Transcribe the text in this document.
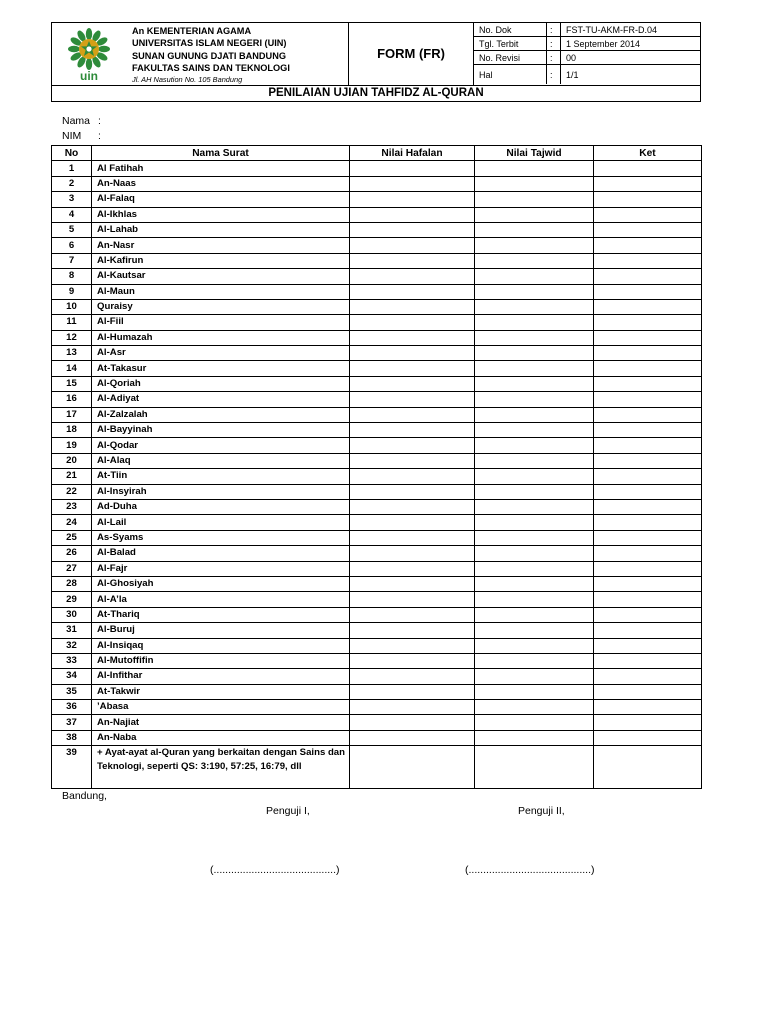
uin
An KEMENTERIAN AGAMA
UNIVERSITAS ISLAM NEGERI (UIN)
SUNAN GUNUNG DJATI BANDUNG
FAKULTAS SAINS DAN TEKNOLOGI
Jl. AH Nasution No. 105 Bandung
FORM (FR)
No. Dok	:	FST-TU-AKM-FR-D.04
Tgl. Terbit	:	1 September 2014
No. Revisi	:	00
Hal	:	1/1
PENILAIAN UJIAN TAHFIDZ AL-QURAN
Nama :
NIM :
No	Nama Surat	Nilai Hafalan	Nilai Tajwid	Ket
1	Al Fatihah			
2	An-Naas			
3	Al-Falaq			
4	Al-Ikhlas			
5	Al-Lahab			
6	An-Nasr			
7	Al-Kafirun			
8	Al-Kautsar			
9	Al-Maun			
10	Quraisy			
11	Al-Fiil			
12	Al-Humazah			
13	Al-Asr			
14	At-Takasur			
15	Al-Qoriah			
16	Al-Adiyat			
17	Al-Zalzalah			
18	Al-Bayyinah			
19	Al-Qodar			
20	Al-Alaq			
21	At-Tiin			
22	Al-Insyirah			
23	Ad-Duha			
24	Al-Lail			
25	As-Syams			
26	Al-Balad			
27	Al-Fajr			
28	Al-Ghosiyah			
29	Al-A’la			
30	At-Thariq			
31	Al-Buruj			
32	Al-Insiqaq			
33	Al-Mutoffifin			
34	Al-Infithar			
35	At-Takwir			
36	’Abasa			
37	An-Najiat			
38	An-Naba			
39	+ Ayat-ayat al-Quran yang berkaitan dengan Sains dan Teknologi, seperti QS: 3:190, 57:25, 16:79, dll			
Bandung,
Penguji I,	Penguji II,
(..........................................)	(..........................................)
